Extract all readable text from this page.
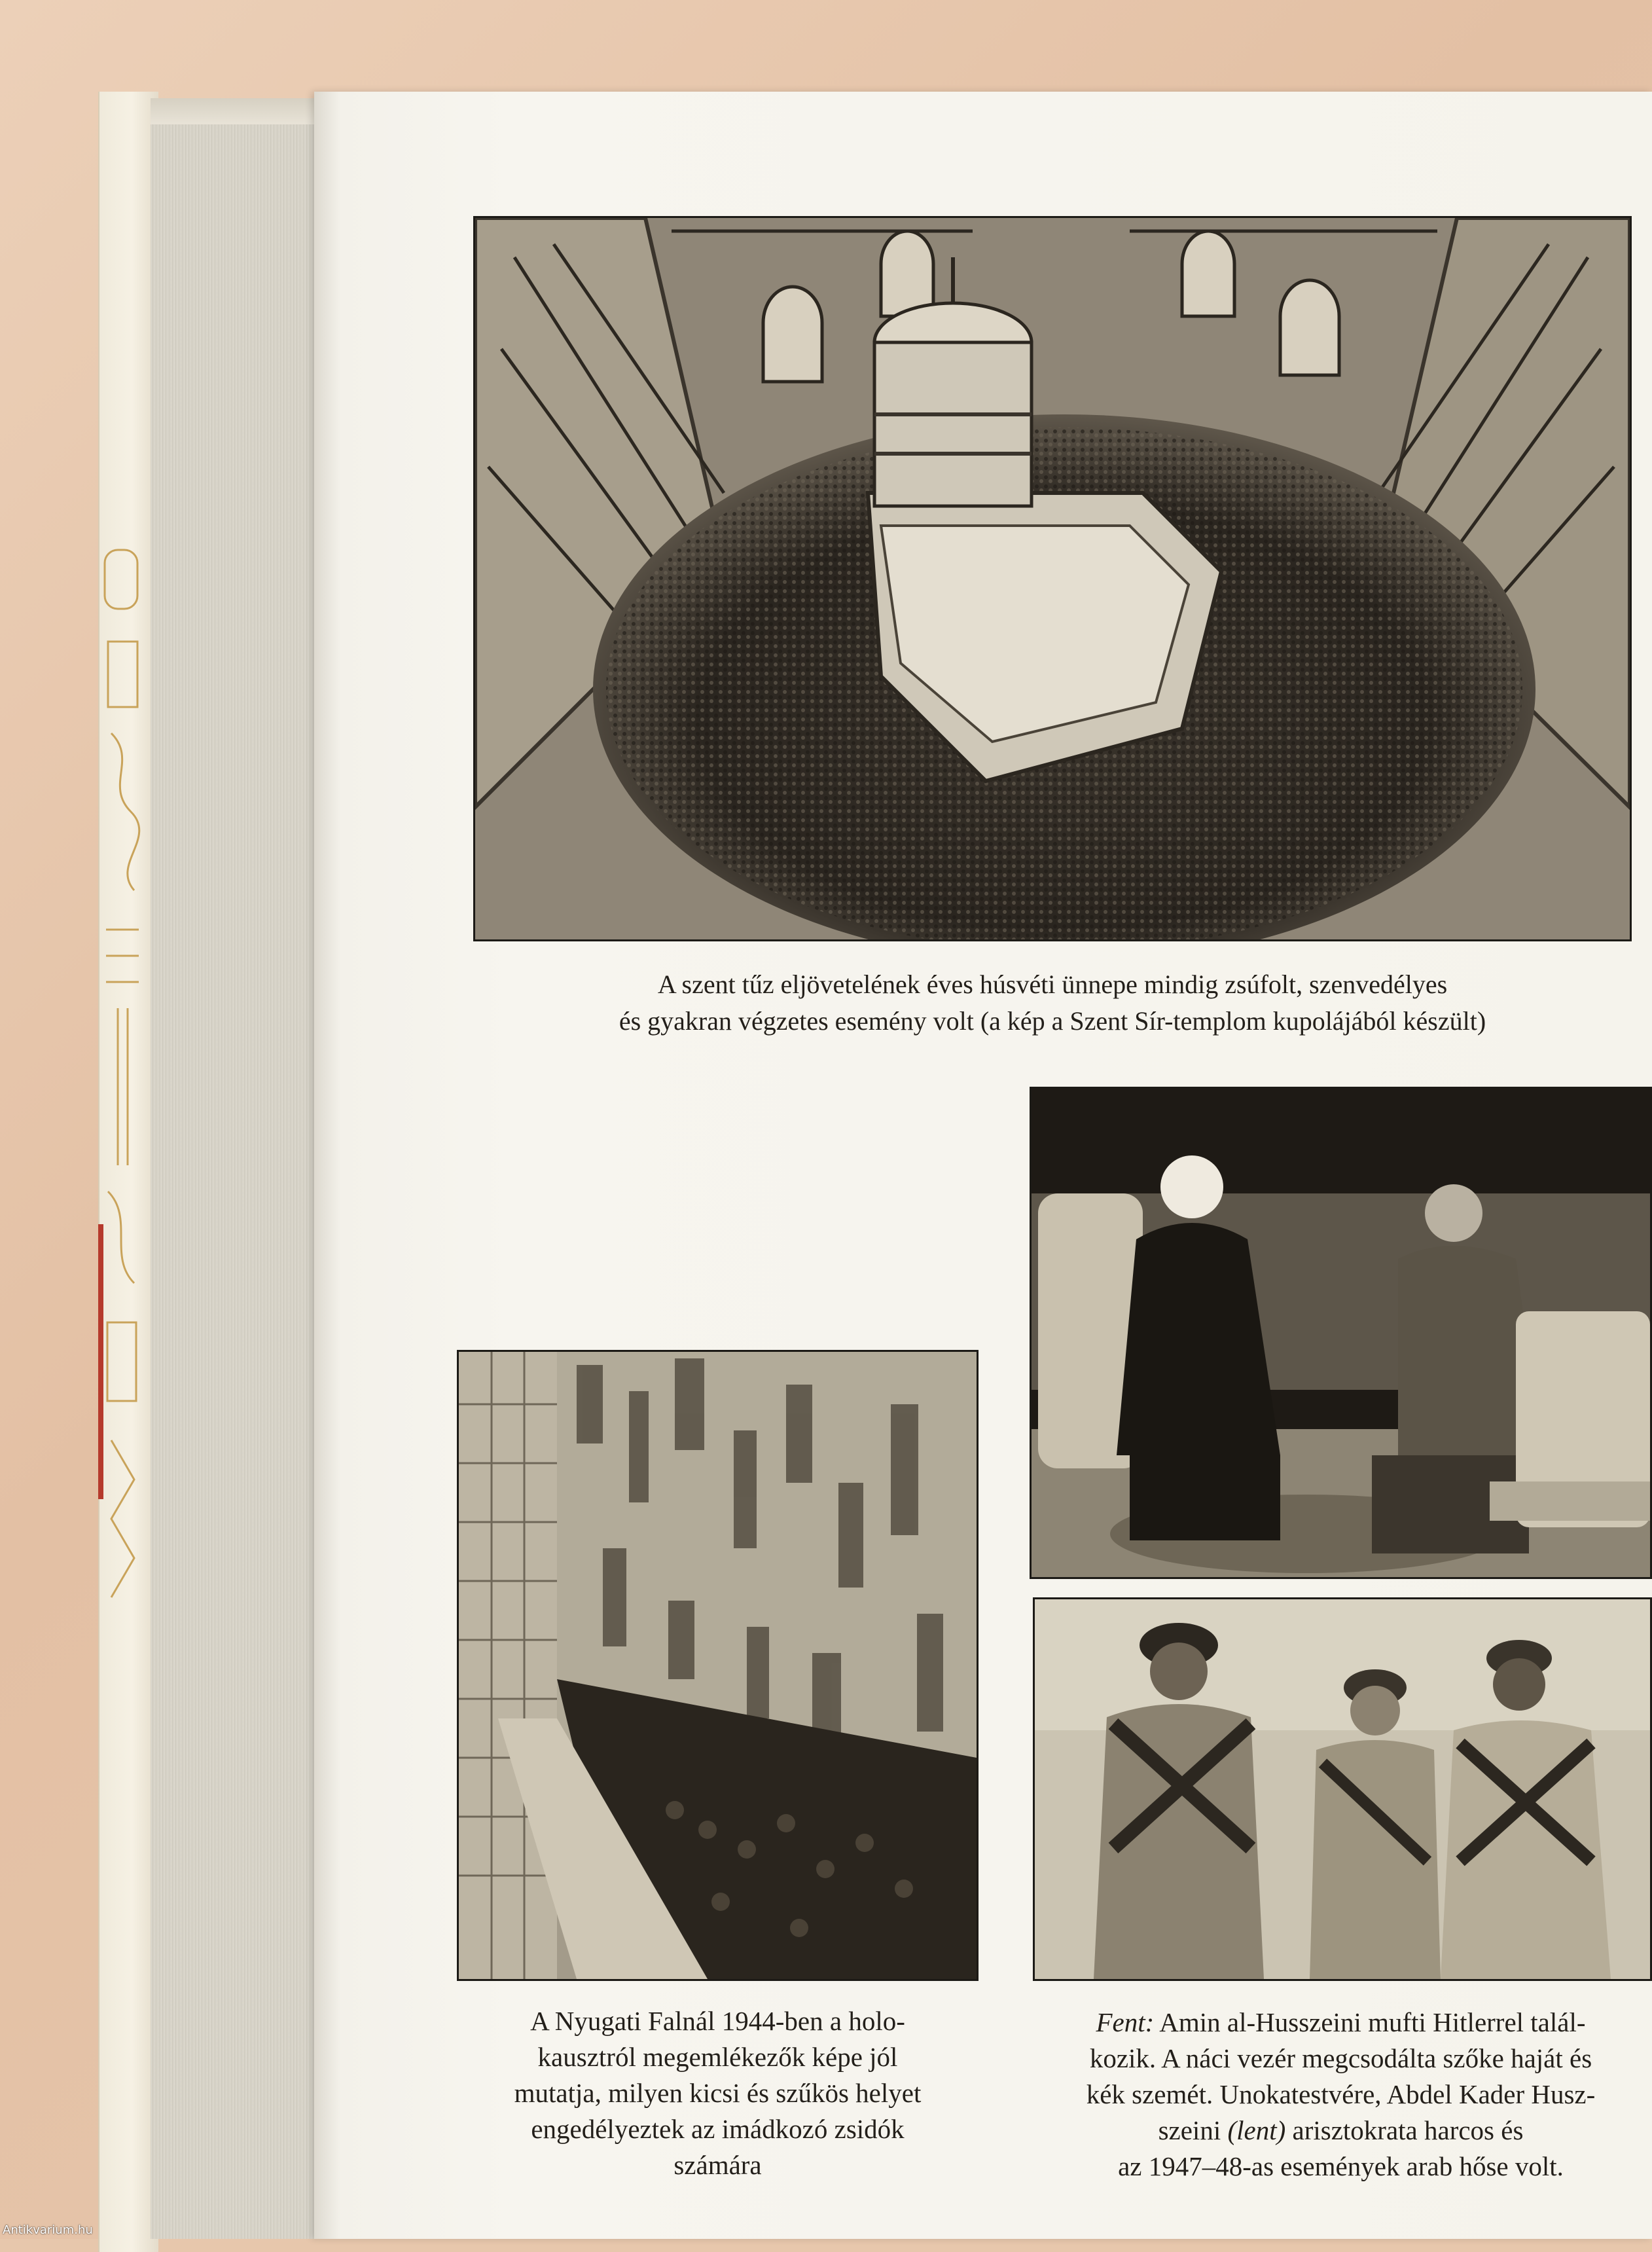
A szent tűz eljövetelének éves húsvéti ünnepe mindig zsúfolt, szenvedélyes
és gyakran végzetes esemény volt (a kép a Szent Sír-templom kupolájából készült)
A Nyugati Falnál 1944-ben a holo-
kausztról megemlékezők képe jól
mutatja, milyen kicsi és szűkös helyet
engedélyeztek az imádkozó zsidók
számára
Fent: Amin al-Husszeini mufti Hitlerrel talál-
kozik. A náci vezér megcsodálta szőke haját és
kék szemét. Unokatestvére, Abdel Kader Husz-
szeini (lent) arisztokrata harcos és
az 1947–48-as események arab hőse volt.
Antikvarium.hu
